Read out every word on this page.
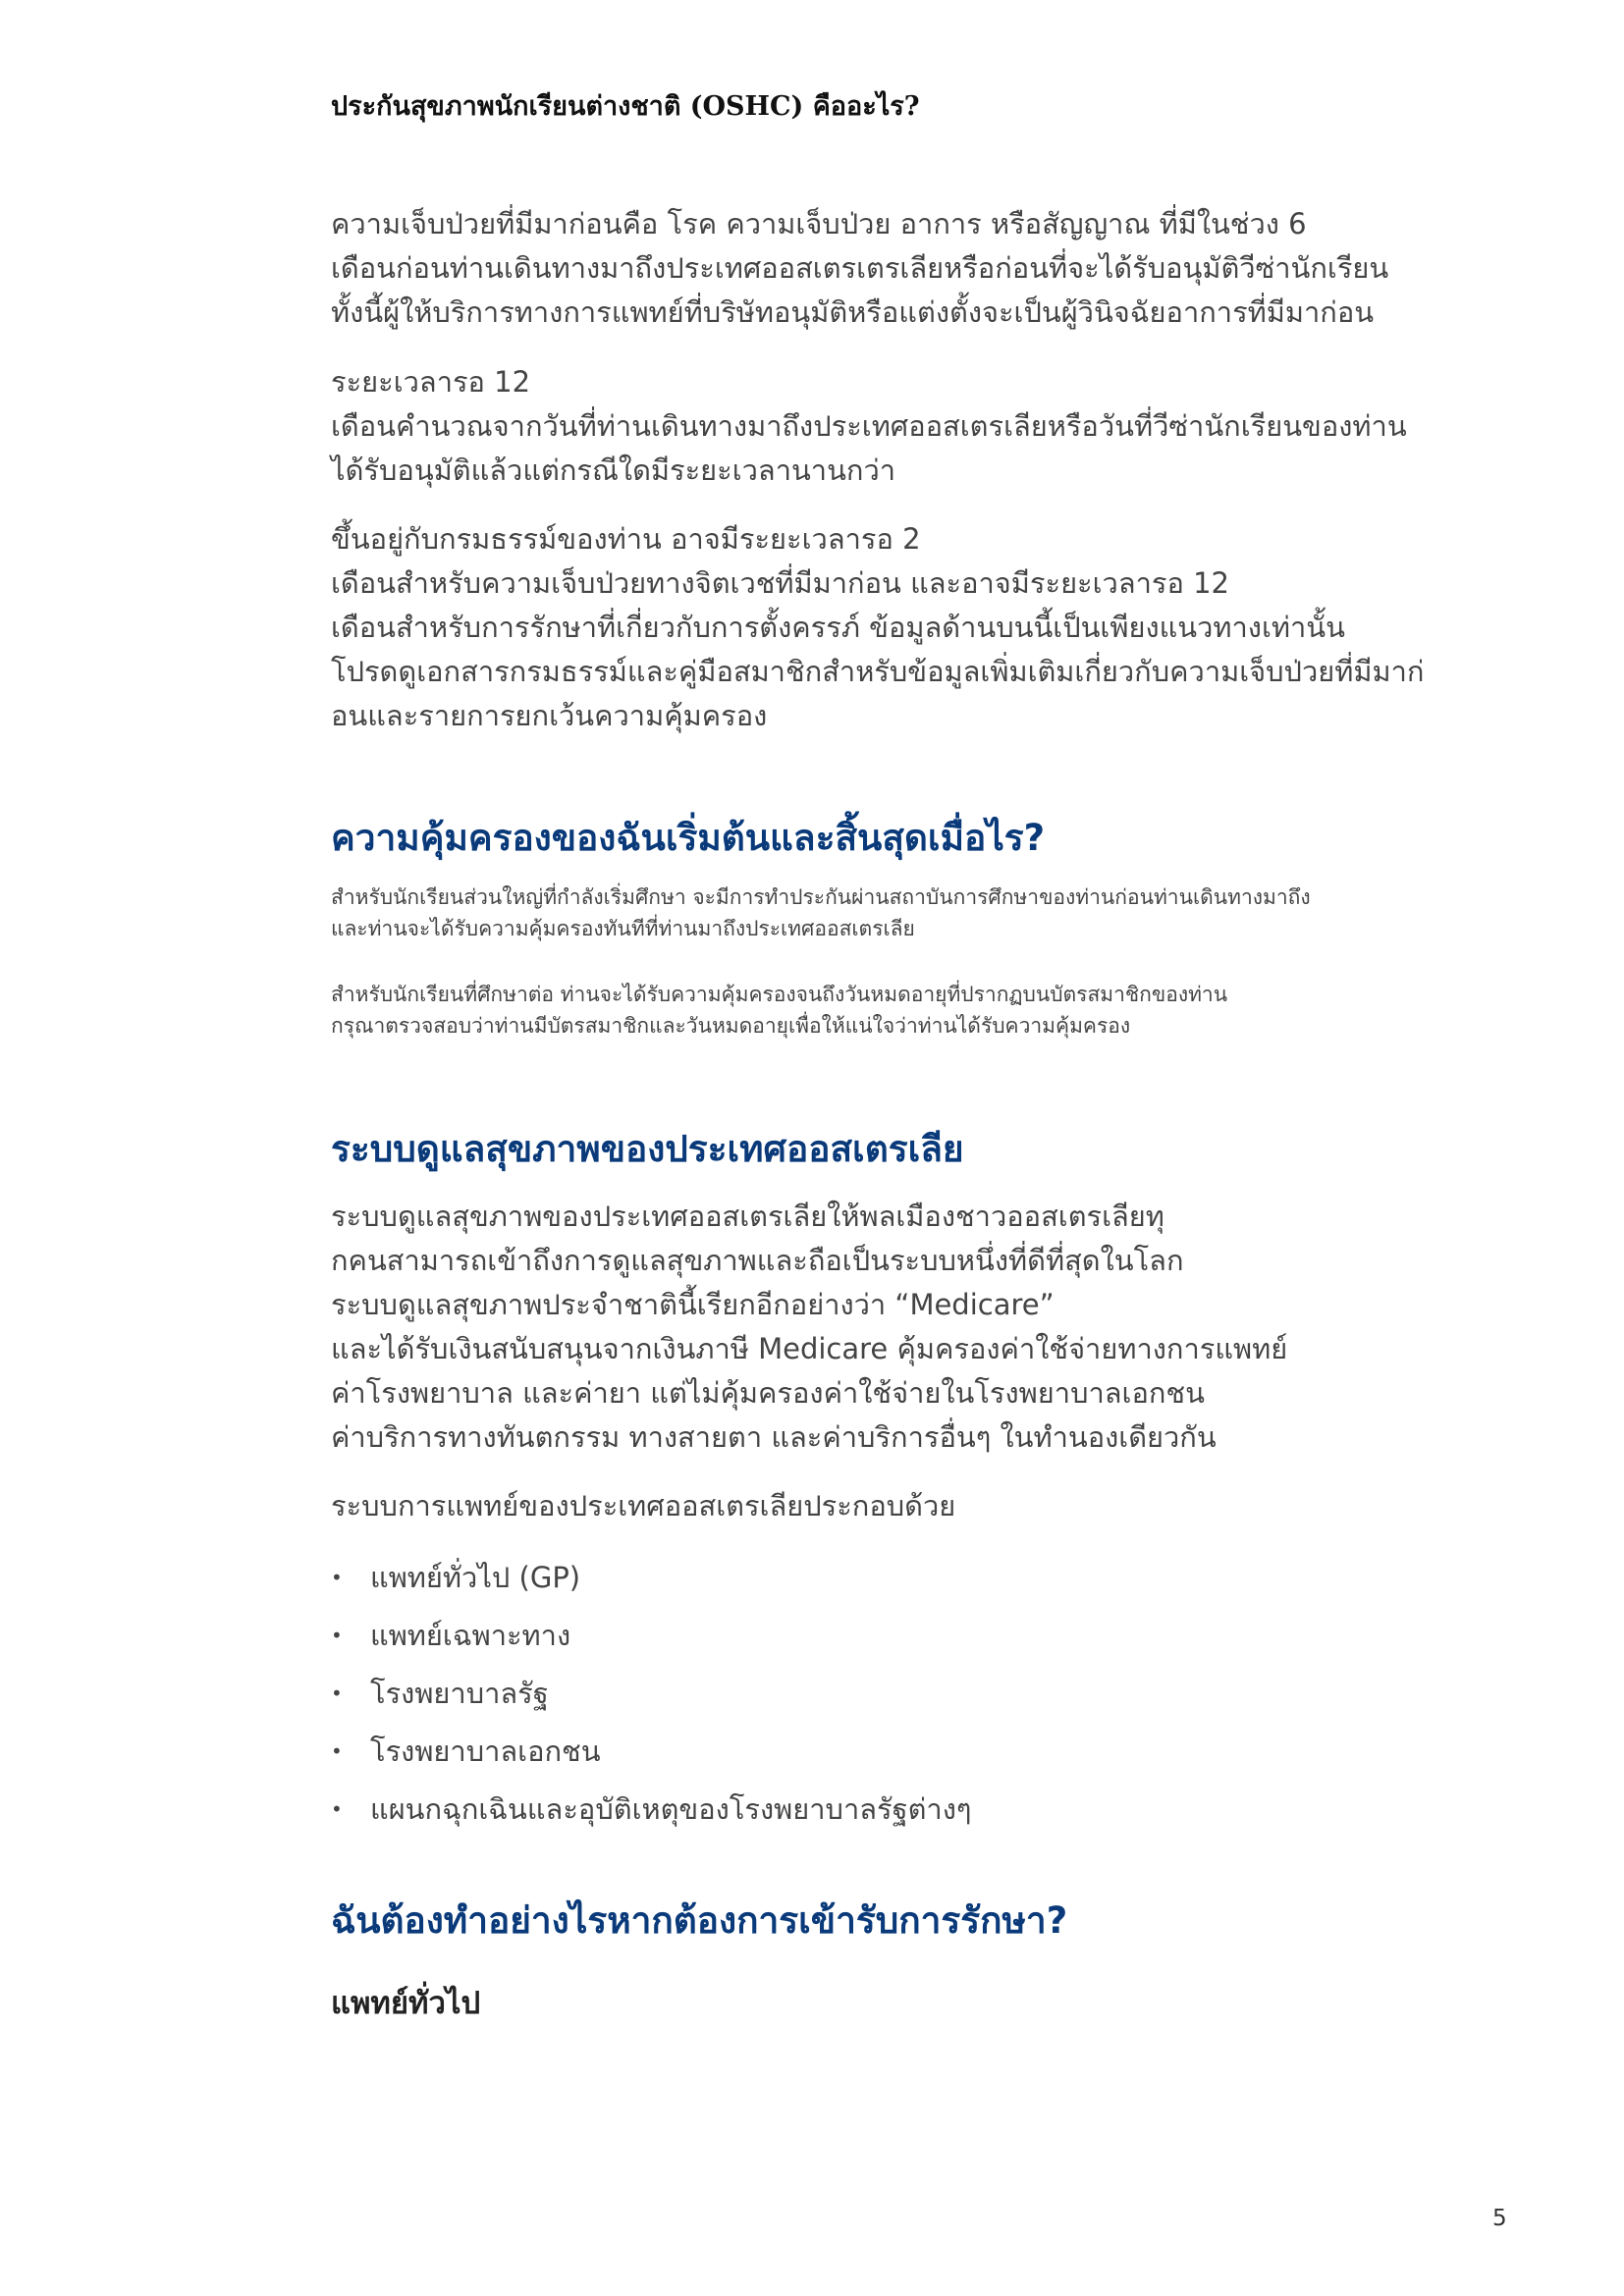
ประกันสุขภาพนักเรียนต่างชาติ (OSHC) คืออะไร?
ความเจ็บป่วยที่มีมาก่อนคือ โรค ความเจ็บป่วย อาการ หรือสัญญาณ ที่มีในช่วง 6
เดือนก่อนท่านเดินทางมาถึงประเทศออสเตรเตรเลียหรือก่อนที่จะได้รับอนุมัติวีซ่านักเรียน
ทั้งนี้ผู้ให้บริการทางการแพทย์ที่บริษัทอนุมัติหรือแต่งตั้งจะเป็นผู้วินิจฉัยอาการที่มีมาก่อน
ระยะเวลารอ 12
เดือนคำนวณจากวันที่ท่านเดินทางมาถึงประเทศออสเตรเลียหรือวันที่วีซ่านักเรียนของท่าน
ได้รับอนุมัติแล้วแต่กรณีใดมีระยะเวลานานกว่า
ขึ้นอยู่กับกรมธรรม์ของท่าน อาจมีระยะเวลารอ 2
เดือนสำหรับความเจ็บป่วยทางจิตเวชที่มีมาก่อน และอาจมีระยะเวลารอ 12
เดือนสำหรับการรักษาที่เกี่ยวกับการตั้งครรภ์ ข้อมูลด้านบนนี้เป็นเพียงแนวทางเท่านั้น
โปรดดูเอกสารกรมธรรม์และคู่มือสมาชิกสำหรับข้อมูลเพิ่มเติมเกี่ยวกับความเจ็บป่วยที่มีมาก่
อนและรายการยกเว้นความคุ้มครอง
ความคุ้มครองของฉันเริ่มต้นและสิ้นสุดเมื่อไร?
สำหรับนักเรียนส่วนใหญ่ที่กำลังเริ่มศึกษา จะมีการทำประกันผ่านสถาบันการศึกษาของท่านก่อนท่านเดินทางมาถึง
และท่านจะได้รับความคุ้มครองทันทีที่ท่านมาถึงประเทศออสเตรเลีย
สำหรับนักเรียนที่ศึกษาต่อ ท่านจะได้รับความคุ้มครองจนถึงวันหมดอายุที่ปรากฏบนบัตรสมาชิกของท่าน
กรุณาตรวจสอบว่าท่านมีบัตรสมาชิกและวันหมดอายุเพื่อให้แน่ใจว่าท่านได้รับความคุ้มครอง
ระบบดูแลสุขภาพของประเทศออสเตรเลีย
ระบบดูแลสุขภาพของประเทศออสเตรเลียให้พลเมืองชาวออสเตรเลียทุ
กคนสามารถเข้าถึงการดูแลสุขภาพและถือเป็นระบบหนึ่งที่ดีที่สุดในโลก
ระบบดูแลสุขภาพประจำชาตินี้เรียกอีกอย่างว่า “Medicare”
และได้รับเงินสนับสนุนจากเงินภาษี Medicare คุ้มครองค่าใช้จ่ายทางการแพทย์
ค่าโรงพยาบาล และค่ายา แต่ไม่คุ้มครองค่าใช้จ่ายในโรงพยาบาลเอกชน
ค่าบริการทางทันตกรรม ทางสายตา และค่าบริการอื่นๆ ในทำนองเดียวกัน
ระบบการแพทย์ของประเทศออสเตรเลียประกอบด้วย
• แพทย์ทั่วไป (GP)
• แพทย์เฉพาะทาง
• โรงพยาบาลรัฐ
• โรงพยาบาลเอกชน
• แผนกฉุกเฉินและอุบัติเหตุของโรงพยาบาลรัฐต่างๆ
ฉันต้องทำอย่างไรหากต้องการเข้ารับการรักษา?
แพทย์ทั่วไป
5
